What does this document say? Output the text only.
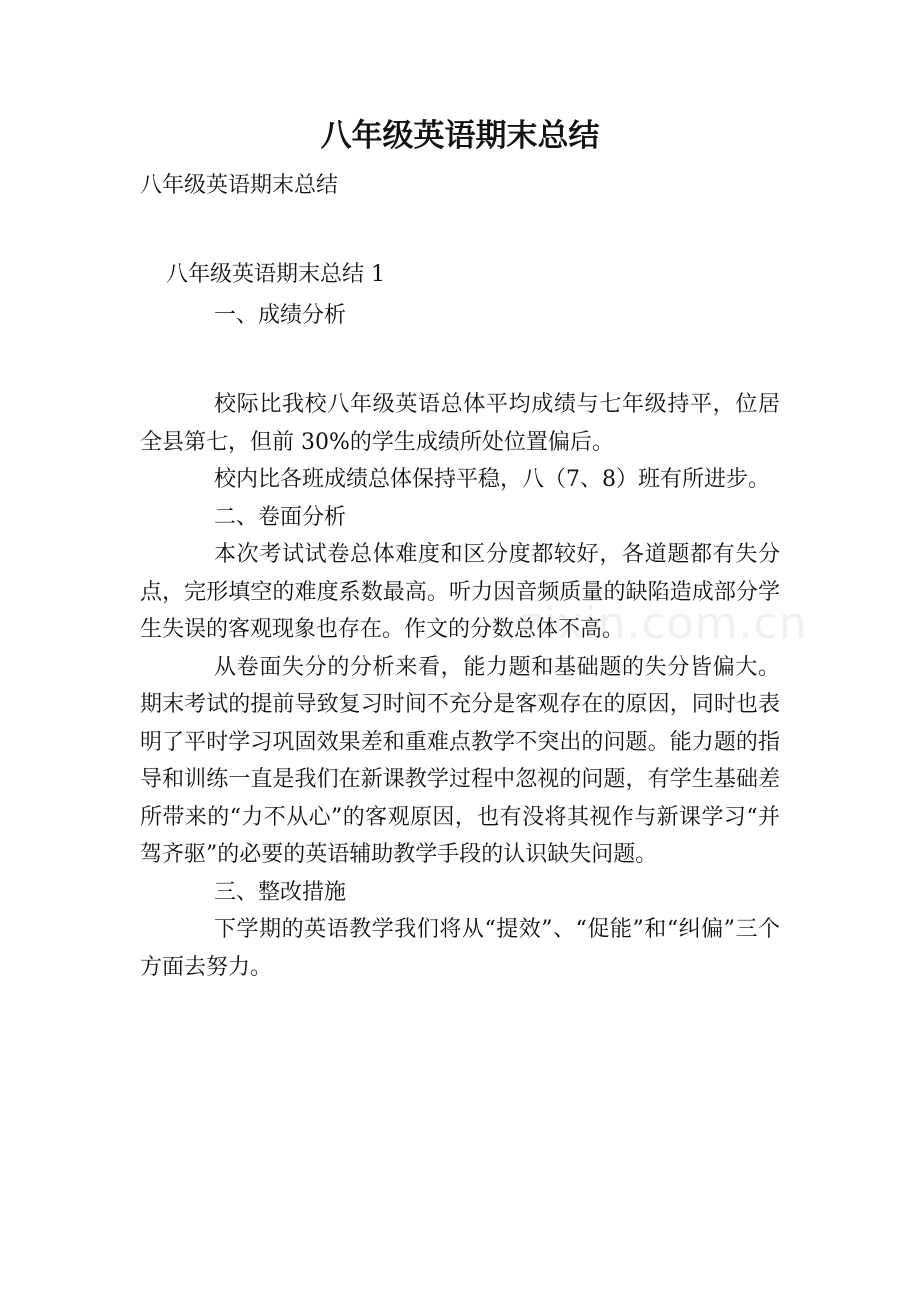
八年级英语期末总结
八年级英语期末总结
八年级英语期末总结 1
一、成绩分析

校际比我校八年级英语总体平均成绩与七年级持平，位居全县第七，但前 30%的学生成绩所处位置偏后。

校内比各班成绩总体保持平稳，八（7、8）班有所进步。

二、卷面分析

本次考试试卷总体难度和区分度都较好，各道题都有失分点，完形填空的难度系数最高。听力因音频质量的缺陷造成部分学生失误的客观现象也存在。作文的分数总体不高。

从卷面失分的分析来看，能力题和基础题的失分皆偏大。期末考试的提前导致复习时间不充分是客观存在的原因，同时也表明了平时学习巩固效果差和重难点教学不突出的问题。能力题的指导和训练一直是我们在新课教学过程中忽视的问题，有学生基础差所带来的“力不从心”的客观原因，也有没将其视作与新课学习“并驾齐驱”的必要的英语辅助教学手段的认识缺失问题。

三、整改措施

下学期的英语教学我们将从“提效”、“促能”和“纠偏”三个方面去努力。

zixin.com.cn
